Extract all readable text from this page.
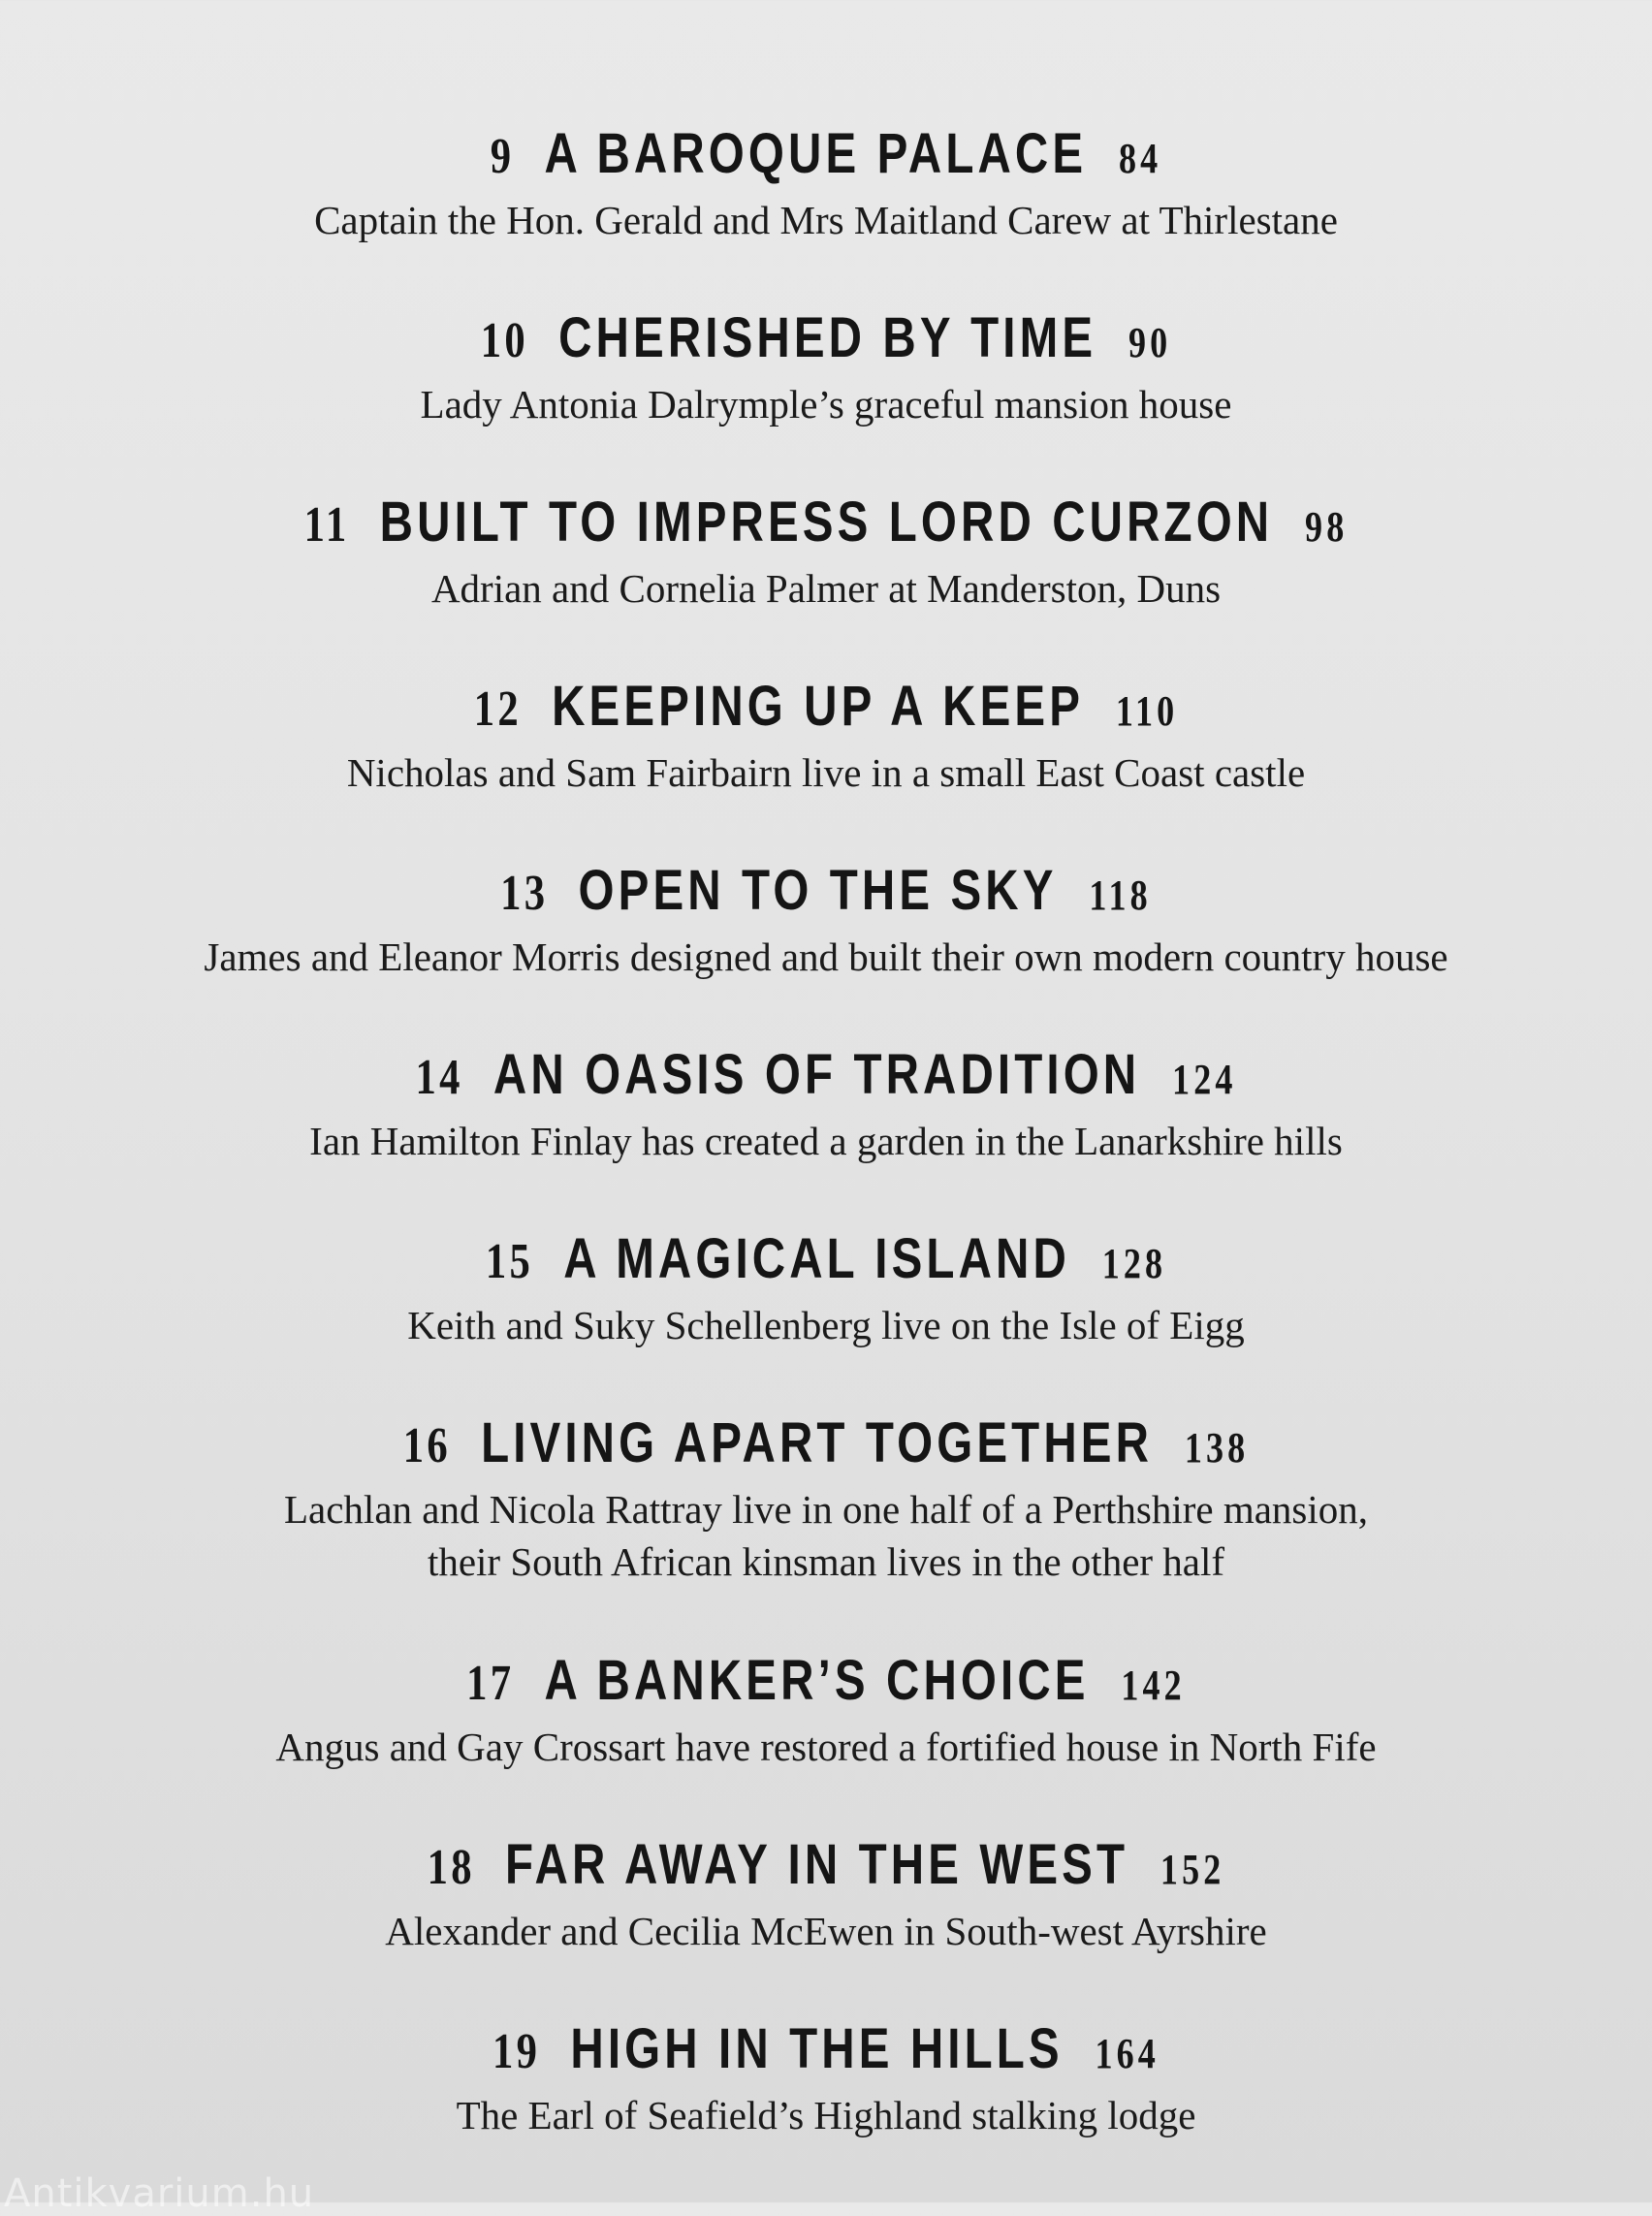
9 A BAROQUE PALACE 84
Captain the Hon. Gerald and Mrs Maitland Carew at Thirlestane
10 CHERISHED BY TIME 90
Lady Antonia Dalrymple’s graceful mansion house
11 BUILT TO IMPRESS LORD CURZON 98
Adrian and Cornelia Palmer at Manderston, Duns
12 KEEPING UP A KEEP 110
Nicholas and Sam Fairbairn live in a small East Coast castle
13 OPEN TO THE SKY 118
James and Eleanor Morris designed and built their own modern country house
14 AN OASIS OF TRADITION 124
Ian Hamilton Finlay has created a garden in the Lanarkshire hills
15 A MAGICAL ISLAND 128
Keith and Suky Schellenberg live on the Isle of Eigg
16 LIVING APART TOGETHER 138
Lachlan and Nicola Rattray live in one half of a Perthshire mansion,
their South African kinsman lives in the other half
17 A BANKER’S CHOICE 142
Angus and Gay Crossart have restored a fortified house in North Fife
18 FAR AWAY IN THE WEST 152
Alexander and Cecilia McEwen in South-west Ayrshire
19 HIGH IN THE HILLS 164
The Earl of Seafield’s Highland stalking lodge
Antikvarium.hu
